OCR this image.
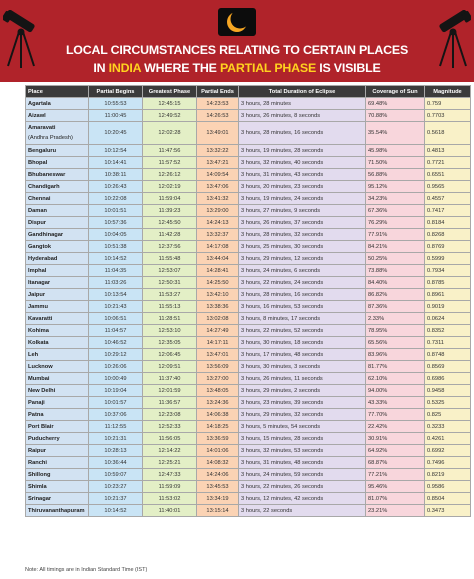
LOCAL CIRCUMSTANCES RELATING TO CERTAIN PLACES
IN INDIA WHERE THE PARTIAL PHASE IS VISIBLE
Place	Partial Begins	Greatest Phase	Partial Ends	Total Duration of Eclipse	Coverage of Sun	Magnitude
Agartala	10:55:53	12:45:15	14:23:53	3 hours, 28 minutes	69.48%	0.759
Aizawl	11:00:45	12:49:52	14:26:53	3 hours, 26 minutes, 8 seconds	70.88%	0.7703
Amaravati
(Andhra Pradesh)	10:20:45	12:02:28	13:49:01	3 hours, 28 minutes, 16 seconds	35.54%	0.5618
Bengaluru	10:12:54	11:47:56	13:32:22	3 hours, 19 minutes, 28 seconds	45.98%	0.4813
Bhopal	10:14:41	11:57:52	13:47:21	3 hours, 32 minutes, 40 seconds	71.50%	0.7721
Bhubaneswar	10:38:11	12:26:12	14:09:54	3 hours, 31 minutes, 43 seconds	56.88%	0.6551
Chandigarh	10:26:43	12:02:19	13:47:06	3 hours, 20 minutes, 23 seconds	95.12%	0.9565
Chennai	10:22:08	11:59:04	13:41:32	3 hours, 19 minutes, 24 seconds	34.23%	0.4557
Daman	10:01:51	11:39:23	13:29:00	3 hours, 27 minutes, 9 seconds	67.36%	0.7417
Dispur	10:57:36	12:45:50	14:24:13	3 hours, 26 minutes, 37 seconds	76.29%	0.8184
Gandhinagar	10:04:05	11:42:28	13:32:37	3 hours, 28 minutes, 32 seconds	77.91%	0.8268
Gangtok	10:51:38	12:37:56	14:17:08	3 hours, 25 minutes, 30 seconds	84.21%	0.8769
Hyderabad	10:14:52	11:55:48	13:44:04	3 hours, 29 minutes, 12 seconds	50.25%	0.5999
Imphal	11:04:35	12:53:07	14:28:41	3 hours, 24 minutes, 6 seconds	73.88%	0.7934
Itanagar	11:03:26	12:50:31	14:25:50	3 hours, 22 minutes, 24 seconds	84.40%	0.8785
Jaipur	10:13:54	11:53:27	13:42:10	3 hours, 28 minutes, 16 seconds	86.82%	0.8961
Jammu	10:21:43	11:55:13	13:38:36	3 hours, 16 minutes, 53 seconds	87.36%	0.9019
Kavaratti	10:06:51	11:28:51	13:02:08	3 hours, 8 minutes, 17 seconds	2.33%	0.0624
Kohima	11:04:57	12:53:10	14:27:49	3 hours, 22 minutes, 52 seconds	78.95%	0.8352
Kolkata	10:46:52	12:35:05	14:17:11	3 hours, 30 minutes, 18 seconds	65.56%	0.7311
Leh	10:29:12	12:06:45	13:47:01	3 hours, 17 minutes, 48 seconds	83.96%	0.8748
Lucknow	10:26:06	12:09:51	13:56:09	3 hours, 30 minutes, 3 seconds	81.77%	0.8569
Mumbai	10:00:49	11:37:40	13:27:00	3 hours, 26 minutes, 11 seconds	62.10%	0.6986
New Delhi	10:19:04	12:01:59	13:48:05	3 hours, 29 minutes, 2 seconds	94.00%	0.9458
Panaji	10:01:57	11:36:57	13:24:36	3 hours, 23 minutes, 39 seconds	43.33%	0.5325
Patna	10:37:06	12:23:08	14:06:38	3 hours, 29 minutes, 32 seconds	77.70%	0.825
Port Blair	11:12:55	12:52:33	14:18:25	3 hours, 5 minutes, 54 seconds	22.42%	0.3233
Puducherry	10:21:31	11:56:05	13:36:59	3 hours, 15 minutes, 28 seconds	30.91%	0.4261
Raipur	10:28:13	12:14:22	14:01:06	3 hours, 32 minutes, 53 seconds	64.92%	0.6992
Ranchi	10:36:44	12:25:21	14:08:32	3 hours, 31 minutes, 48 seconds	68.87%	0.7496
Shillong	10:59:07	12:47:33	14:24:06	3 hours, 24 minutes, 59 seconds	77.21%	0.8219
Shimla	10:23:27	11:59:09	13:45:53	3 hours, 22 minutes, 26 seconds	95.46%	0.9586
Srinagar	10:21:37	11:53:02	13:34:19	3 hours, 12 minutes, 42 seconds	81.07%	0.8504
Thiruvananthapuram	10:14:52	11:40:01	13:15:14	3 hours, 22 seconds	23.21%	0.3473
Note: All timings are in Indian Standard Time (IST)
